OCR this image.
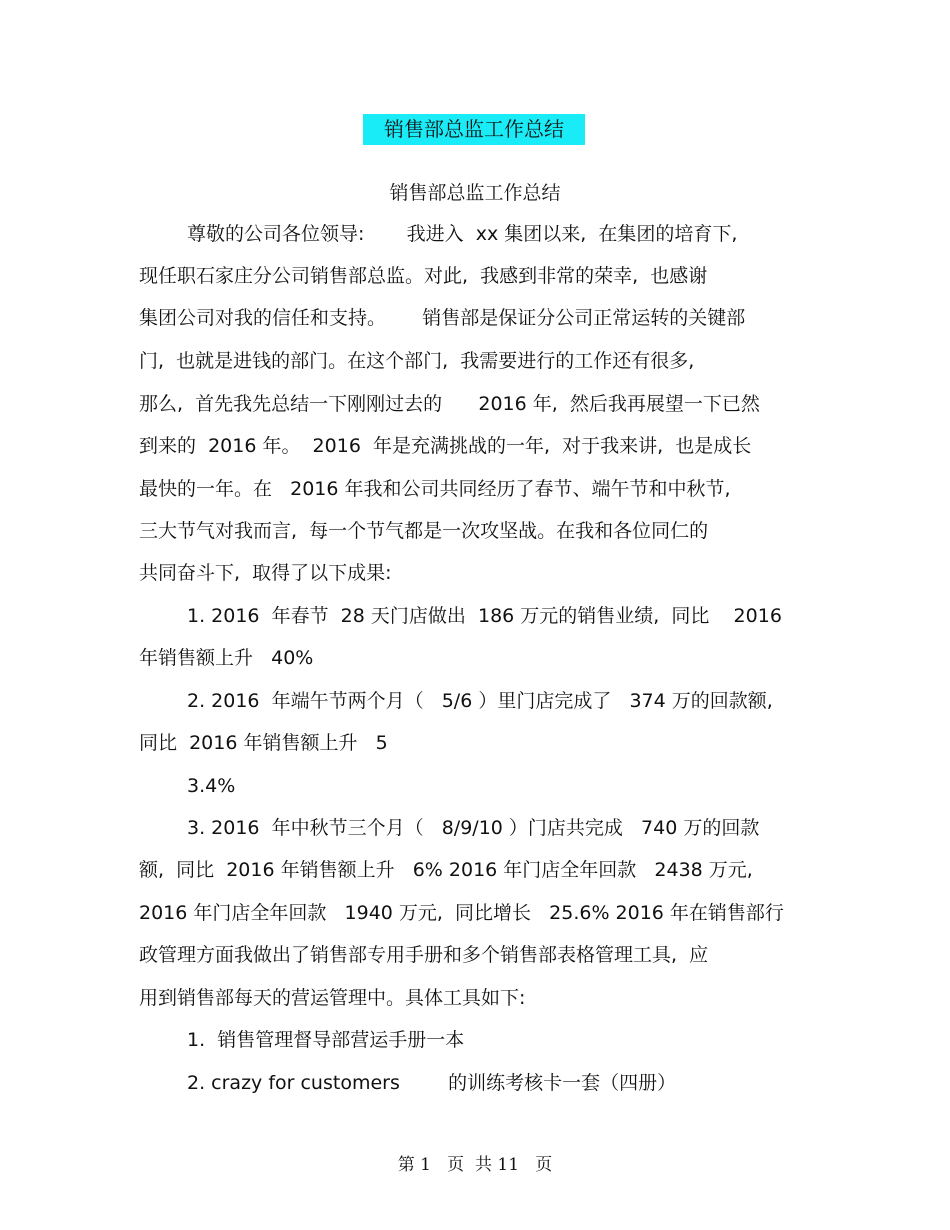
销售部总监工作总结
销售部总监工作总结
尊敬的公司各位领导:       我进入  xx 集团以来,  在集团的培育下,
现任职石家庄分公司销售部总监。对此,  我感到非常的荣幸,  也感谢
集团公司对我的信任和支持。      销售部是保证分公司正常运转的关键部
门,  也就是进钱的部门。在这个部门,  我需要进行的工作还有很多,
那么,  首先我先总结一下刚刚过去的      2016 年,  然后我再展望一下已然
到来的  2016 年。  2016  年是充满挑战的一年,  对于我来讲,  也是成长
最快的一年。在   2016 年我和公司共同经历了春节、端午节和中秋节,
三大节气对我而言,  每一个节气都是一次攻坚战。在我和各位同仁的
共同奋斗下,  取得了以下成果:
1. 2016  年春节  28 天门店做出  186 万元的销售业绩,  同比    2016
年销售额上升   40%
2. 2016  年端午节两个月（   5/6 ）里门店完成了   374 万的回款额,
同比  2016 年销售额上升   5
3.4%
3. 2016  年中秋节三个月（   8/9/10 ）门店共完成   740 万的回款
额,  同比  2016 年销售额上升   6% 2016 年门店全年回款   2438 万元,
2016 年门店全年回款   1940 万元,  同比增长   25.6% 2016 年在销售部行
政管理方面我做出了销售部专用手册和多个销售部表格管理工具,  应
用到销售部每天的营运管理中。具体工具如下:
1.  销售管理督导部营运手册一本
2. crazy for customers        的训练考核卡一套（四册）
第 1   页  共 11   页
